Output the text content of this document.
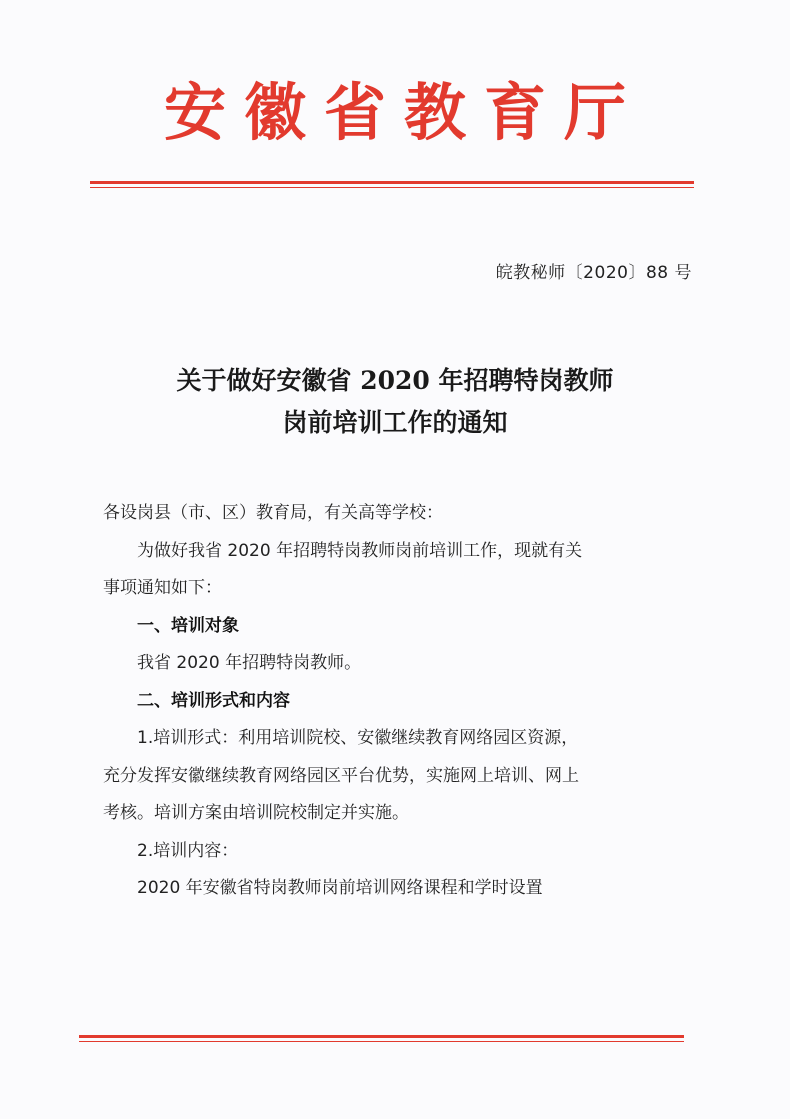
安徽省教育厅
皖教秘师〔2020〕88 号
关于做好安徽省 2020 年招聘特岗教师
岗前培训工作的通知

各设岗县（市、区）教育局，有关高等学校：

为做好我省 2020 年招聘特岗教师岗前培训工作，现就有关

事项通知如下：

一、培训对象

我省 2020 年招聘特岗教师。

二、培训形式和内容

1.培训形式：利用培训院校、安徽继续教育网络园区资源，

充分发挥安徽继续教育网络园区平台优势，实施网上培训、网上

考核。培训方案由培训院校制定并实施。

2.培训内容：

2020 年安徽省特岗教师岗前培训网络课程和学时设置
